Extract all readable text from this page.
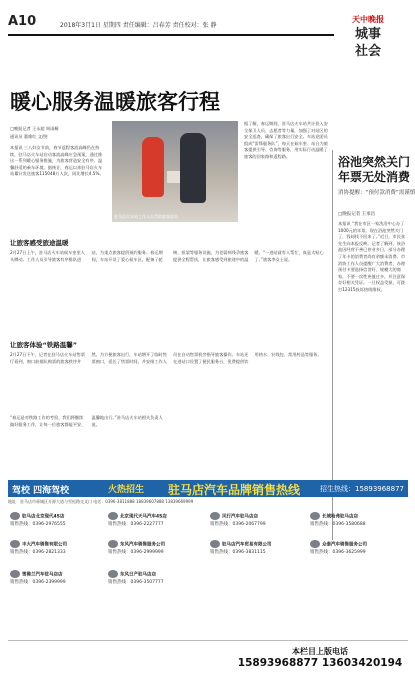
A10	2018年3月1日 星期四 责任编辑：吕春芳 责任校对：张 静
天中晚报
城事
社会
暖心服务温暖旅客行程
□晚报记者 王永超 周雨桐
通讯员 董维红 文/图
本报讯 三八妇女节前，春节返程客流高峰仍在持续，驻马店火车站启动客流高峰应急预案，通过推出一系列暖心服务措施，为旅客营造安全有序、温馨舒适的乘车环境。据统计，春运以来驻马店火车站累计发送旅客115048万人次，同比增长4.5%。
驻马店火车站工作人员帮助旅客进站
据了解，春运期间，驻马店火车站共计投入安全保卫人员、志愿者等力量，加强了对站区的安全巡查，确保了旅客出行安全。车站党团员组成“雷锋服务队”，每天在候车室、站台为旅客提供引导、咨询等服务，用实际行动温暖了旅客的回家路和返程路。
让旅客感受旅途温暖
2月27日上午，驻马店火车站候车室里人头攒动。工作人员引导旅客有序排队进站，为重点旅客提供预约服务。春运期间，车站开设了爱心候车区，配备了轮椅、担架等服务设施，为老弱病残孕旅客提供全程帮扶，让旅客感受到旅途中的温暖。“一进站就有人帮忙，真是太贴心了。”旅客李女士说。
让旅客体验“铁路温馨”
2月27日下午，记者在驻马店火车站售票厅看到，窗口前排队购票的旅客秩序井然。为方便旅客出行，车站增开了临时售票窗口，延长了售票时间，并安排工作人员在自动售票机旁指导旅客操作。车站还在进站口设置了便民服务台，免费提供饮用热水、针线包、常用药品等服务。
“春运是对铁路工作的考验，我们将继续做好服务工作，让每一位旅客都能平安、温馨地出行。”驻马店火车站相关负责人说。
浴池突然关门
年票无处消费
消协提醒：“预付款消费”需谨慎
□晚报记者 王承昌
本报讯 “我在市区一家洗浴中心办了1000元的年票，现在浴池突然关门了，钱却找不回来了。”近日，市民张先生向本报反映。记者了解到，该浴池因经营不善已停业多日，部分办理了年卡的消费者尚有余额未消费。市消协工作人员提醒广大消费者，办理预付卡要选择信誉好、规模大的商家，不要一次性充值过多，并注意保存好相关凭证。一旦权益受损，可拨打12315投诉热线维权。
驾校 四海驾校	火热招生 驻马店汽车品牌销售热线	招生热线：15893968877
地址：驻马店市驿城区开源大道与雪松路交叉口 电话：0396-3811888 18839607888 13839669999
驻马店北京现代4S店
销售热线：0396-2976555
北京现代天马汽车4S店
销售热线：0396-2227777
风行汽车驻马店店
销售热线：0396-2067799
长城哈弗驻马店店
销售热线：0396-3580688
丰大汽车销售有限公司
销售热线：0396-2821333
东风汽车销售服务公司
销售热线：0396-2999999
驻马店汽车贸易有限公司
销售热线：0396-3831115
众泰汽车销售服务公司
销售热线：0396-3625999
雪佛兰汽车驻马店店
销售热线：0396-2399999
东风日产驻马店店
销售热线：0396-3507777
本栏目上版电话
15893968877 13603420194
